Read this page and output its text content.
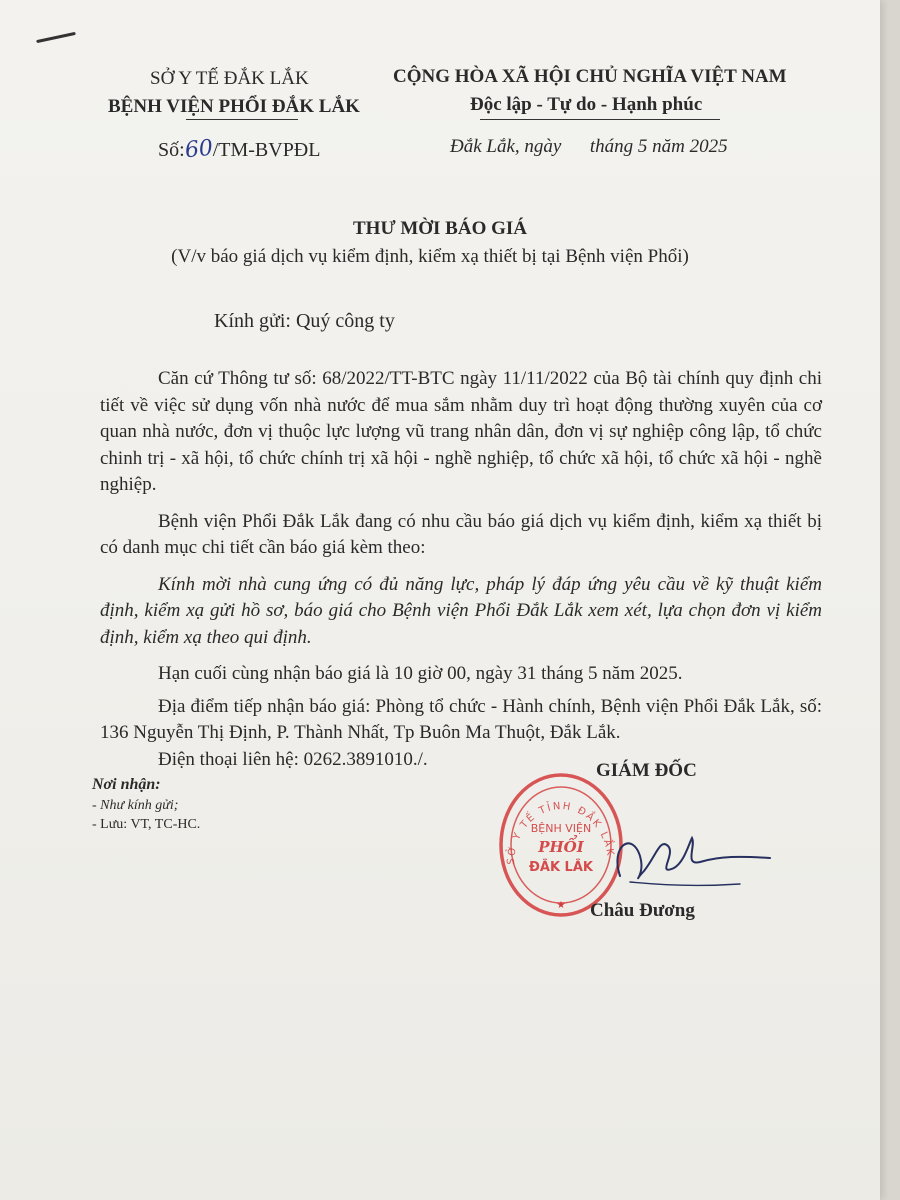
SỞ Y TẾ ĐẮK LẮK
BỆNH VIỆN PHỔI ĐẮK LẮK
CỘNG HÒA XÃ HỘI CHỦ NGHĨA VIỆT NAM
Độc lập - Tự do - Hạnh phúc
Số:60/TM-BVPĐL	Đắk Lắk, ngày      tháng 5 năm 2025
THƯ MỜI BÁO GIÁ
(V/v báo giá dịch vụ kiểm định, kiểm xạ thiết bị tại Bệnh viện Phổi)
Kính gửi: Quý công ty

Căn cứ Thông tư số: 68/2022/TT-BTC ngày 11/11/2022 của Bộ tài chính quy định chi tiết về việc sử dụng vốn nhà nước để mua sắm nhằm duy trì hoạt động thường xuyên của cơ quan nhà nước, đơn vị thuộc lực lượng vũ trang nhân dân, đơn vị sự nghiệp công lập, tổ chức chinh trị - xã hội, tổ chức chính trị xã hội - nghề nghiệp, tổ chức xã hội, tổ chức xã hội - nghề nghiệp.

Bệnh viện Phổi Đắk Lắk đang có nhu cầu báo giá dịch vụ kiểm định, kiểm xạ thiết bị có danh mục chi tiết cần báo giá kèm theo:

Kính mời nhà cung ứng có đủ năng lực, pháp lý đáp ứng yêu cầu về kỹ thuật kiểm định, kiểm xạ gửi hồ sơ, báo giá cho Bệnh viện Phổi Đắk Lắk xem xét, lựa chọn đơn vị kiểm định, kiểm xạ theo qui định.

Hạn cuối cùng nhận báo giá là 10 giờ 00, ngày 31 tháng 5 năm 2025.

Địa điểm tiếp nhận báo giá: Phòng tổ chức - Hành chính, Bệnh viện Phổi Đắk Lắk, số: 136 Nguyễn Thị Định, P. Thành Nhất, Tp Buôn Ma Thuột, Đắk Lắk.

Điện thoại liên hệ: 0262.3891010./.

Nơi nhận:
- Như kính gửi;
- Lưu: VT, TC-HC.
GIÁM ĐỐC
SỞ Y TẾ TỈNH ĐẮK LẮK
BỆNH VIỆN
PHỔI
ĐẮK LẮK
★ Châu Đương
